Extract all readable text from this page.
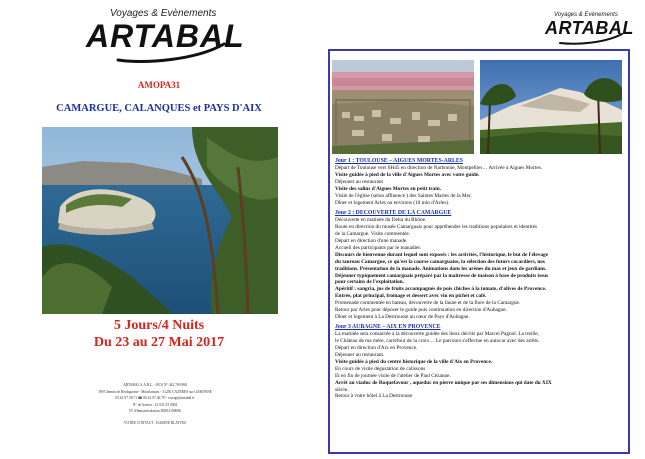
Voyages & Evènements
ARTABAL
AMOPA31
CAMARGUE, CALANQUES et PAYS D'AIX
5 Jours/4 Nuits
Du 23 au 27 Mai 2017
ARTABAL S.A.R.L. - RCS N° 442 769 968
390 Chemin de Berdagonne - Mourlamont - 31250 CAZERES sur GARONNE
05.61.97.38.71 ☎ 06.61.97.46.79 - voyage@artabal.fr
N° de licence : LI 031 02 0004
N° d'Immatriculation IM031100006
VOTRE CONTACT : KARINE BLATTES
Voyages & Evènements
ARTABAL
Jour 1 : TOULOUSE – AIGUES MORTES-ARLES
Départ de Toulouse vers 6H45 en direction de Narbonne, Montpellier… Arrivée à Aigues Mortes.
Visite guidée à pied de la ville d'Aigues Mortes avec votre guide.
Déjeuner au restaurant
Visite des salins d'Aigues Mortes en petit train.
Visite de l'église (selon affluence ) des Saintes Maries de la Mer.
Dîner et logement Arles ou environs (10 min d'Arles).
Jour 2 : DECOUVERTE DE LA CAMARGUE
Découverte en matinée du Delta du Rhône.
Route en direction du musée Camarguais pour appréhender les traditions populaires et identités
de la Camargue. Visite commentée.
Départ en direction d'une manade.
Accueil des participants par le manadier.
Discours de bienvenue durant lequel sont exposés : les activités, l'historique, le but de l'élevage
du taureau Camargue, ce qu'est la course camarguaise, la sélection des futurs cocardiers, nos
traditions. Présentation de la manade. Animations dans les arènes du mas et jeux de gardians.
Déjeuner typiquement camarguais préparé par la maîtresse de maison à base de produits issus
pour certains de l'exploitation.
Apéritif : sangria, jus de fruits accompagnés de pois chiches à la tomate, d'olives de Provence.
Entrée, plat principal, fromage et dessert avec vin en pichet et café.
Promenade commentée en bateau, découverte de la faune et de la flore de la Camargue.
Retour par Arles pour déposer le guide puis continuation en direction d'Aubagne.
Dîner et logement à La Destrousse au cœur de Pays d'Aubagne.
Jour 3 AUBAGNE – AIX EN PROVENCE
La matinée sera consacrée à la découverte guidée des lieux décrits par Marcel Pagnol. La treille,
le Château de ma mère, carrefour de la croix… Le parcours s'effectue en autocar avec des arrêts.
Départ en direction d'Aix en Provence.
Déjeuner au restaurant.
Visite guidée à pied du centre historique de la ville d'Aix en Provence.
En cours de visite dégustation de calissons
Et en fin de journée visite de l'atelier de Paul Cézanne.
Arrêt au viaduc de Roquefavour , aqueduc en pierre unique par ses dimensions qui date du XIX
siècle.
Retour à votre hôtel à La Destrousse
